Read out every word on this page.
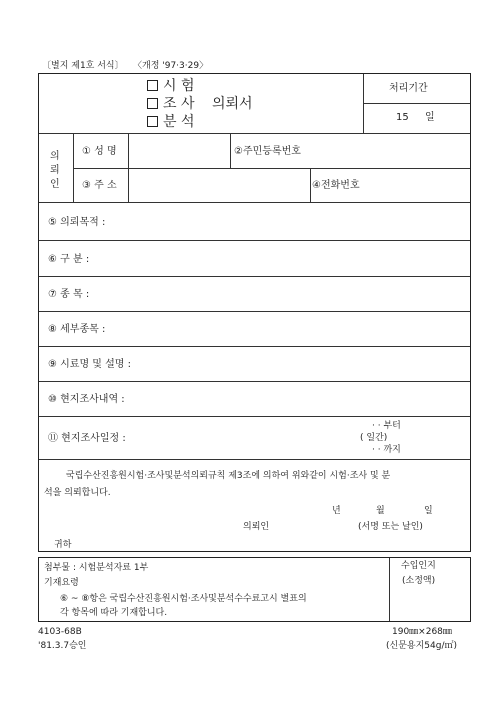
〔별지 제1호 서식〕 〈개정 '97·3·29〉
시 험
조 사
분 석
의뢰서
처리기간
15 일
의
뢰
인
① 성 명	②주민등록번호
③ 주 소	④전화번호
⑤ 의뢰목적 :
⑥ 구 분 :
⑦ 종 목 :
⑧ 세부종목 :
⑨ 시료명 및 설명 :
⑩ 현지조사내역 :
⑪ 현지조사일정 :
· · 부터
( 일간)
· · 까지
국립수산진흥원시험·조사및분석의뢰규칙 제3조에 의하여 위와같이 시험·조사 및 분
석을 의뢰합니다.
년	월	일
의뢰인	(서명 또는 날인)
귀하
첨부물 : 시험분석자료 1부
기재요령
⑥ ~ ⑧항은 국립수산진흥원시험·조사및분석수수료고시 별표의
각 항목에 따라 기재합니다.
수입인지
(소정액)
4103-68B
'81.3.7승인
190㎜×268㎜
(신문용지54g/㎡)
